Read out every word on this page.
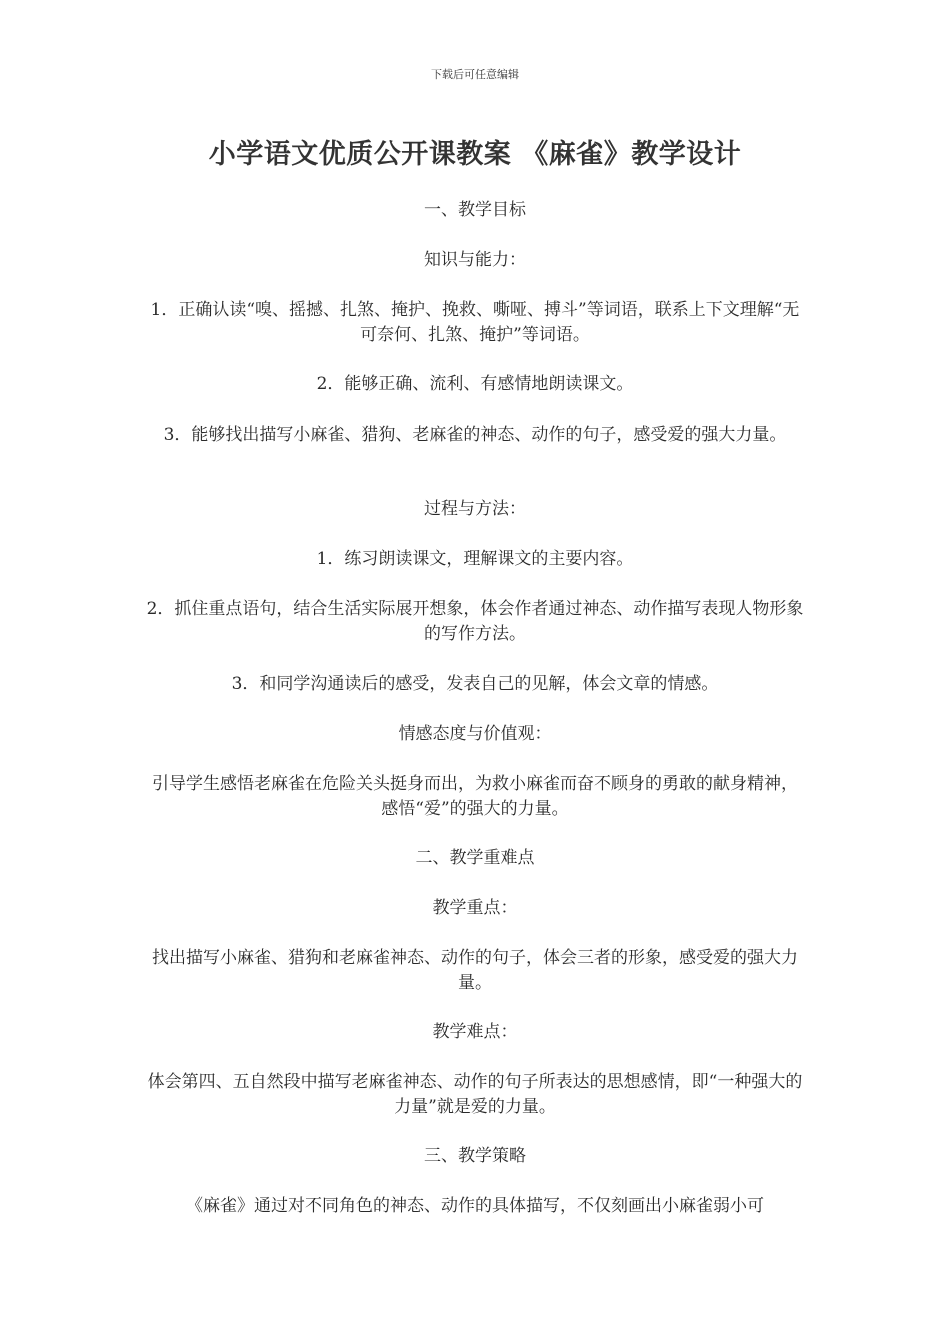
下载后可任意编辑
小学语文优质公开课教案 《麻雀》教学设计
一、教学目标
知识与能力：
1．正确认读“嗅、摇撼、扎煞、掩护、挽救、嘶哑、搏斗”等词语，联系上下文理解“无可奈何、扎煞、掩护”等词语。
2．能够正确、流利、有感情地朗读课文。
3．能够找出描写小麻雀、猎狗、老麻雀的神态、动作的句子，感受爱的强大力量。
过程与方法：
1．练习朗读课文，理解课文的主要内容。
2．抓住重点语句，结合生活实际展开想象，体会作者通过神态、动作描写表现人物形象的写作方法。
3．和同学沟通读后的感受，发表自己的见解，体会文章的情感。
情感态度与价值观：
引导学生感悟老麻雀在危险关头挺身而出，为救小麻雀而奋不顾身的勇敢的献身精神，感悟“爱”的强大的力量。
二、教学重难点
教学重点：
找出描写小麻雀、猎狗和老麻雀神态、动作的句子，体会三者的形象，感受爱的强大力量。
教学难点：
体会第四、五自然段中描写老麻雀神态、动作的句子所表达的思想感情，即“一种强大的力量”就是爱的力量。
三、教学策略
《麻雀》通过对不同角色的神态、动作的具体描写，不仅刻画出小麻雀弱小可
